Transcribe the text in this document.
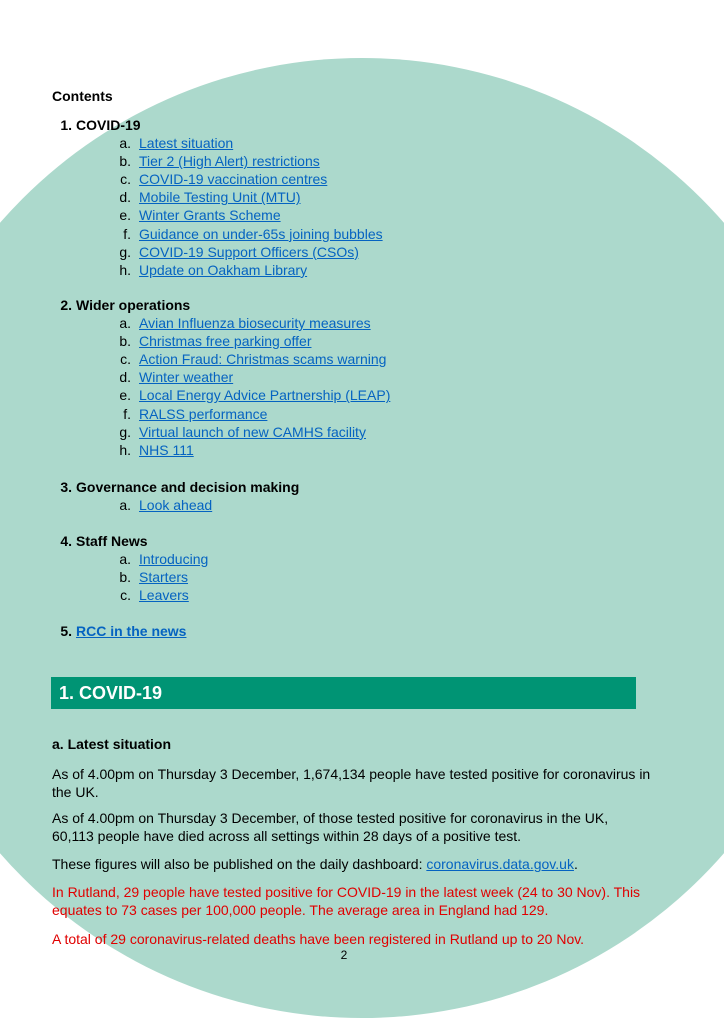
Contents
1. COVID-19
a. Latest situation
b. Tier 2 (High Alert) restrictions
c. COVID-19 vaccination centres
d. Mobile Testing Unit (MTU)
e. Winter Grants Scheme
f. Guidance on under-65s joining bubbles
g. COVID-19 Support Officers (CSOs)
h. Update on Oakham Library
2. Wider operations
a. Avian Influenza biosecurity measures
b. Christmas free parking offer
c. Action Fraud: Christmas scams warning
d. Winter weather
e. Local Energy Advice Partnership (LEAP)
f. RALSS performance
g. Virtual launch of new CAMHS facility
h. NHS 111
3. Governance and decision making
a. Look ahead
4. Staff News
a. Introducing
b. Starters
c. Leavers
5. RCC in the news
1. COVID-19
a. Latest situation
As of 4.00pm on Thursday 3 December, 1,674,134 people have tested positive for coronavirus in the UK.
As of 4.00pm on Thursday 3 December, of those tested positive for coronavirus in the UK, 60,113 people have died across all settings within 28 days of a positive test.
These figures will also be published on the daily dashboard: coronavirus.data.gov.uk.
In Rutland, 29 people have tested positive for COVID-19 in the latest week (24 to 30 Nov). This equates to 73 cases per 100,000 people. The average area in England had 129.
A total of 29 coronavirus-related deaths have been registered in Rutland up to 20 Nov.
2
